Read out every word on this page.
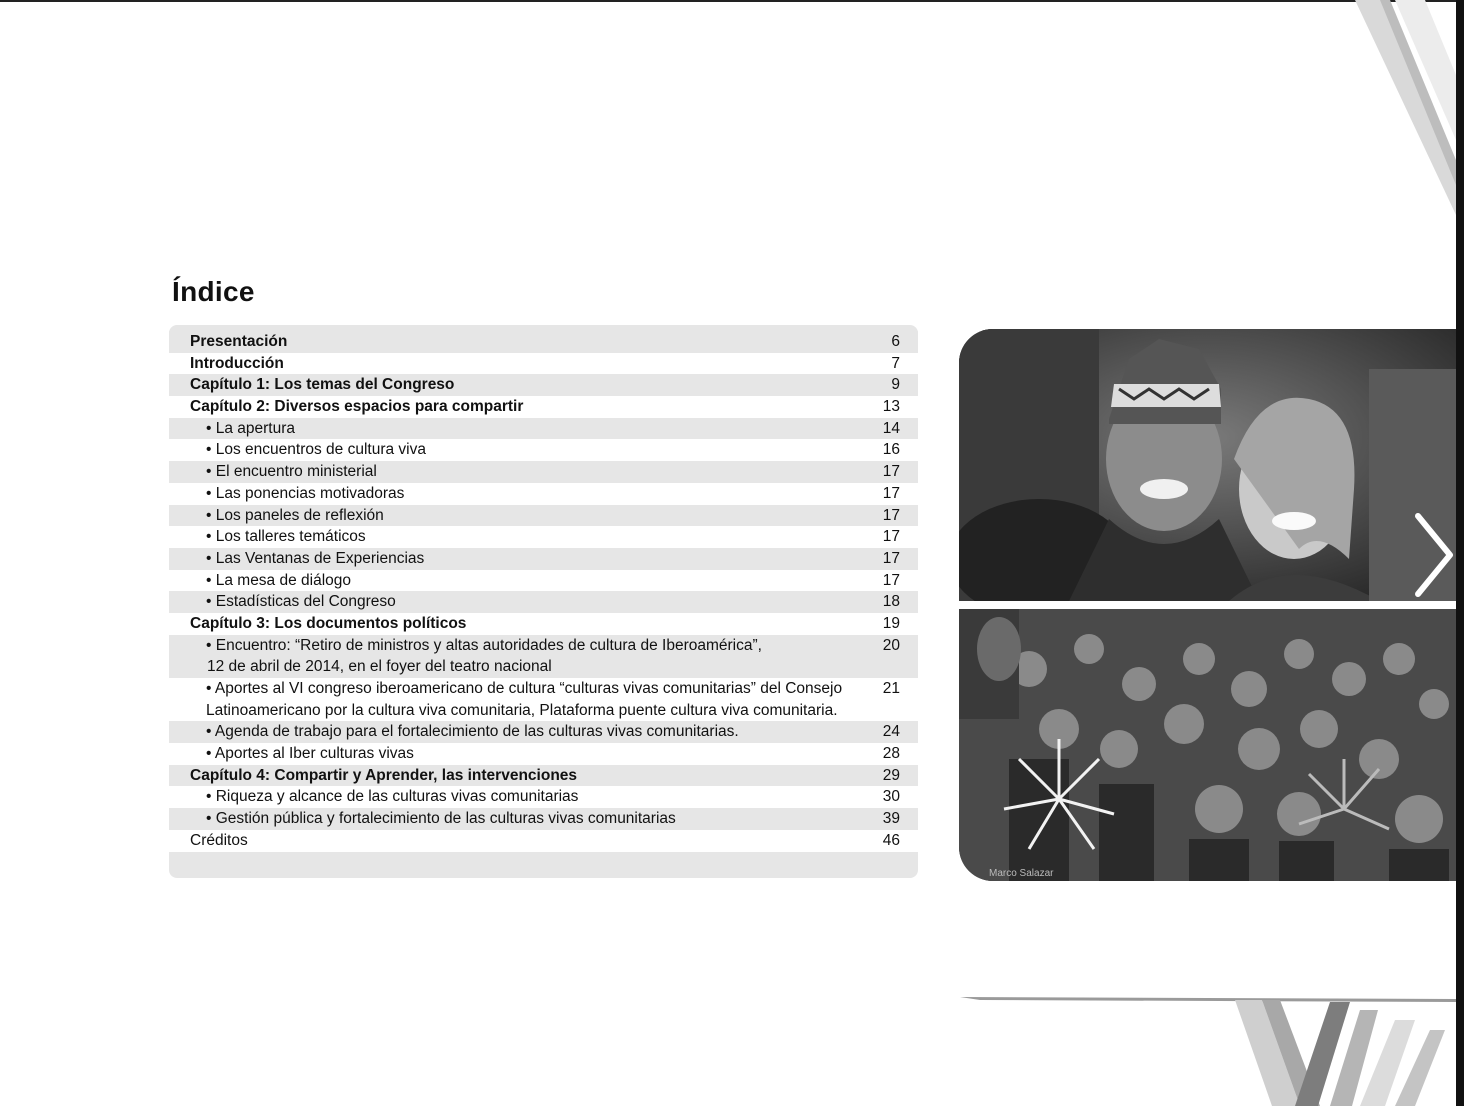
Índice
Presentación	6
Introducción	7
Capítulo 1: Los temas del Congreso	9
Capítulo 2: Diversos espacios para compartir	13
• La apertura	14
• Los encuentros de cultura viva	16
• El encuentro ministerial	17
• Las ponencias motivadoras	17
• Los paneles de reflexión	17
• Los talleres temáticos	17
• Las Ventanas de Experiencias	17
• La mesa de diálogo	17
• Estadísticas del Congreso	18
Capítulo 3: Los documentos políticos	19
• Encuentro: “Retiro de ministros y altas autoridades de cultura de Iberoamérica”,
12 de abril de 2014, en el foyer del teatro nacional
20
• Aportes al VI congreso iberoamericano de cultura “culturas vivas comunitarias” del Consejo
Latinoamericano por la cultura viva comunitaria, Plataforma puente cultura viva comunitaria.
21
• Agenda de trabajo para el fortalecimiento de las culturas vivas comunitarias.	24
• Aportes al Iber culturas vivas	28
Capítulo 4: Compartir y Aprender, las intervenciones	29
• Riqueza y alcance de las culturas vivas comunitarias	30
• Gestión pública y fortalecimiento de las culturas vivas comunitarias	39
Créditos	46
Marco Salazar
